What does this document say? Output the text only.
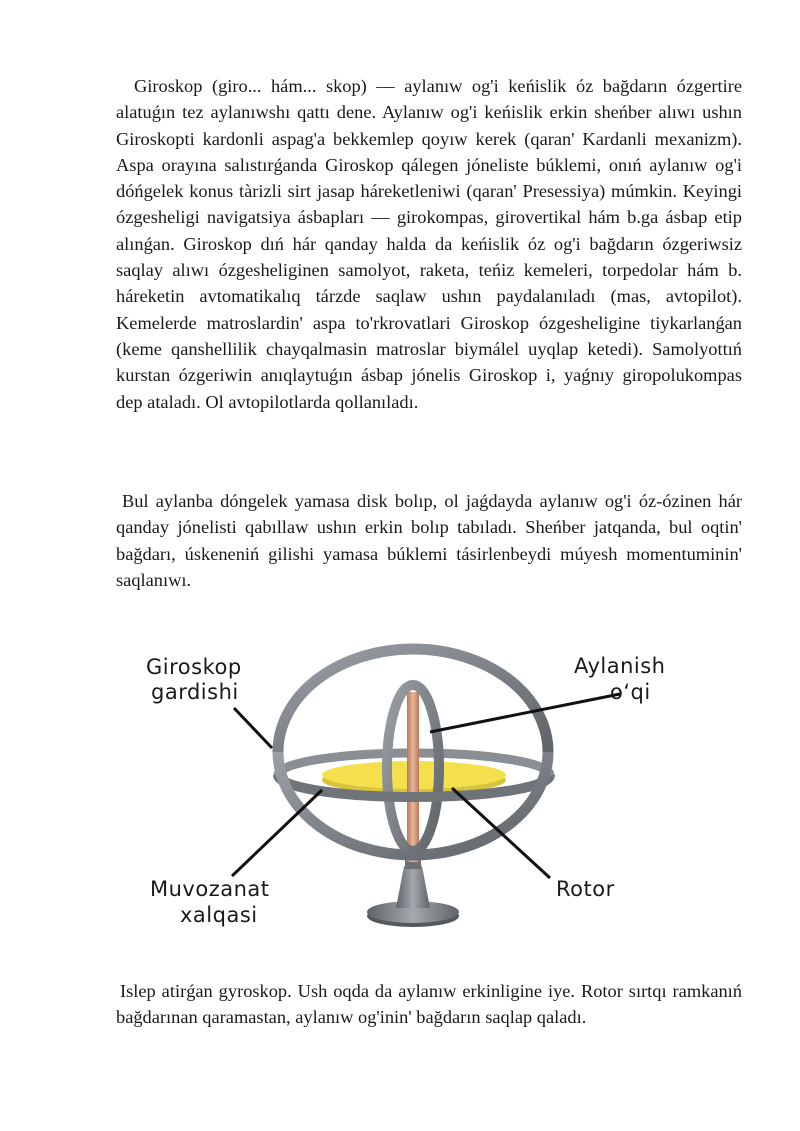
Giroskop (giro... hám... skop) — aylanıw og'i keńislik óz bağdarın ózgertire alatuǵın tez aylanıwshı qattı dene. Aylanıw og'i keńislik erkin sheńber alıwı ushın Giroskopti kardonli aspag'a bekkemlep qoyıw kerek (qaran' Kardanli mexanizm). Aspa orayına salıstırǵanda Giroskop qálegen jóneliste búklemi, onıń aylanıw og'i dóńgelek konus tàrizli sirt jasap háreketleniwi (qaran' Presessiya) múmkin. Keyingi ózgesheligi navigatsiya ásbapları — girokompas, girovertikal hám b.ga ásbap etip alınǵan. Giroskop dıń hár qanday halda da keńislik óz og'i bağdarın ózgeriwsiz saqlay alıwı ózgesheliginen samolyot, raketa, teńiz kemeleri, torpedolar hám b. háreketin avtomatikalıq tárzde saqlaw ushın paydalanıladı (mas, avtopilot). Kemelerde matroslardin' aspa to'rkrovatlari Giroskop ózgesheligine tiykarlanǵan (keme qanshellilik chayqalmasin matroslar biymálel uyqlap ketedi). Samolyottıń kurstan ózgeriwin anıqlaytuǵın ásbap jónelis Giroskop i, yaǵnıy giropolukompas dep ataladı. Ol avtopilotlarda qollanıladı.

Bul aylanba dóngelek yamasa disk bolıp, ol jaǵdayda aylanıw og'i óz-ózinen hár qanday jónelisti qabıllaw ushın erkin bolıp tabıladı. Sheńber jatqanda, bul oqtin' bağdarı, úskeneniń gilishi yamasa búklemi tásirlenbeydi múyesh momentuminin' saqlanıwı.

Giroskop
gardishi
Aylanish
o‘qi
Muvozanat
xalqasi
Rotor

Islep atirǵan gyroskop. Ush oqda da aylanıw erkinligine iye. Rotor sırtqı ramkanıń bağdarınan qaramastan, aylanıw og'inin' bağdarın saqlap qaladı.
